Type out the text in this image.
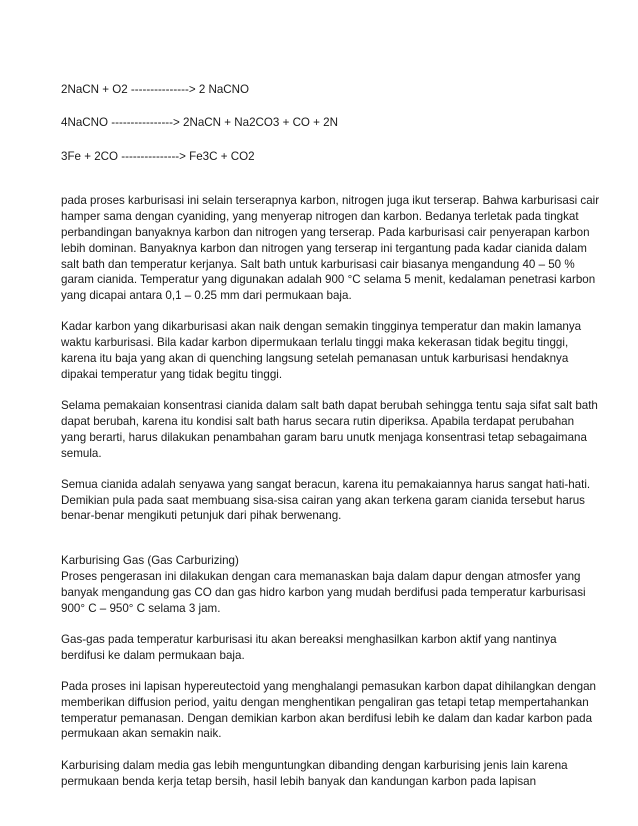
2NaCN + O2 ---------------> 2 NaCNO

4NaCNO ----------------> 2NaCN + Na2CO3 + CO + 2N

3Fe + 2CO ---------------> Fe3C + CO2

pada proses karburisasi ini selain terserapnya karbon, nitrogen juga ikut terserap. Bahwa karburisasi cair hamper sama dengan cyaniding, yang menyerap nitrogen dan karbon. Bedanya terletak pada tingkat perbandingan banyaknya karbon dan nitrogen yang terserap. Pada karburisasi cair penyerapan karbon lebih dominan. Banyaknya karbon dan nitrogen yang terserap ini tergantung pada kadar cianida dalam salt bath dan temperatur kerjanya. Salt bath untuk karburisasi cair biasanya mengandung 40 – 50 % garam cianida. Temperatur yang digunakan adalah 900 °C selama 5 menit, kedalaman penetrasi karbon yang dicapai antara 0,1 – 0.25 mm dari permukaan baja.

Kadar karbon yang dikarburisasi akan naik dengan semakin tingginya temperatur dan makin lamanya waktu karburisasi. Bila kadar karbon dipermukaan terlalu tinggi maka kekerasan tidak begitu tinggi, karena itu baja yang akan di quenching langsung setelah pemanasan untuk karburisasi hendaknya dipakai temperatur yang tidak begitu tinggi.

Selama pemakaian konsentrasi cianida dalam salt bath dapat berubah sehingga tentu saja sifat salt bath dapat berubah, karena itu kondisi salt bath harus secara rutin diperiksa. Apabila terdapat perubahan yang berarti, harus dilakukan penambahan garam baru unutk menjaga konsentrasi tetap sebagaimana semula.

Semua cianida adalah senyawa yang sangat beracun, karena itu pemakaiannya harus sangat hati-hati. Demikian pula pada saat membuang sisa-sisa cairan yang akan terkena garam cianida tersebut harus benar-benar mengikuti petunjuk dari pihak berwenang.

Karburising Gas (Gas Carburizing)

Proses pengerasan ini dilakukan dengan cara memanaskan baja dalam dapur dengan atmosfer yang banyak mengandung gas CO dan gas hidro karbon yang mudah berdifusi pada temperatur karburisasi 900° C – 950° C selama 3 jam.

Gas-gas pada temperatur karburisasi itu akan bereaksi menghasilkan karbon aktif yang nantinya berdifusi ke dalam permukaan baja.

Pada proses ini lapisan hypereutectoid yang menghalangi pemasukan karbon dapat dihilangkan dengan memberikan diffusion period, yaitu dengan menghentikan pengaliran gas tetapi tetap mempertahankan temperatur pemanasan. Dengan demikian karbon akan berdifusi lebih ke dalam dan kadar karbon pada permukaan akan semakin naik.

Karburising dalam media gas lebih menguntungkan dibanding dengan karburising jenis lain karena permukaan benda kerja tetap bersih, hasil lebih banyak dan kandungan karbon pada lapisan
